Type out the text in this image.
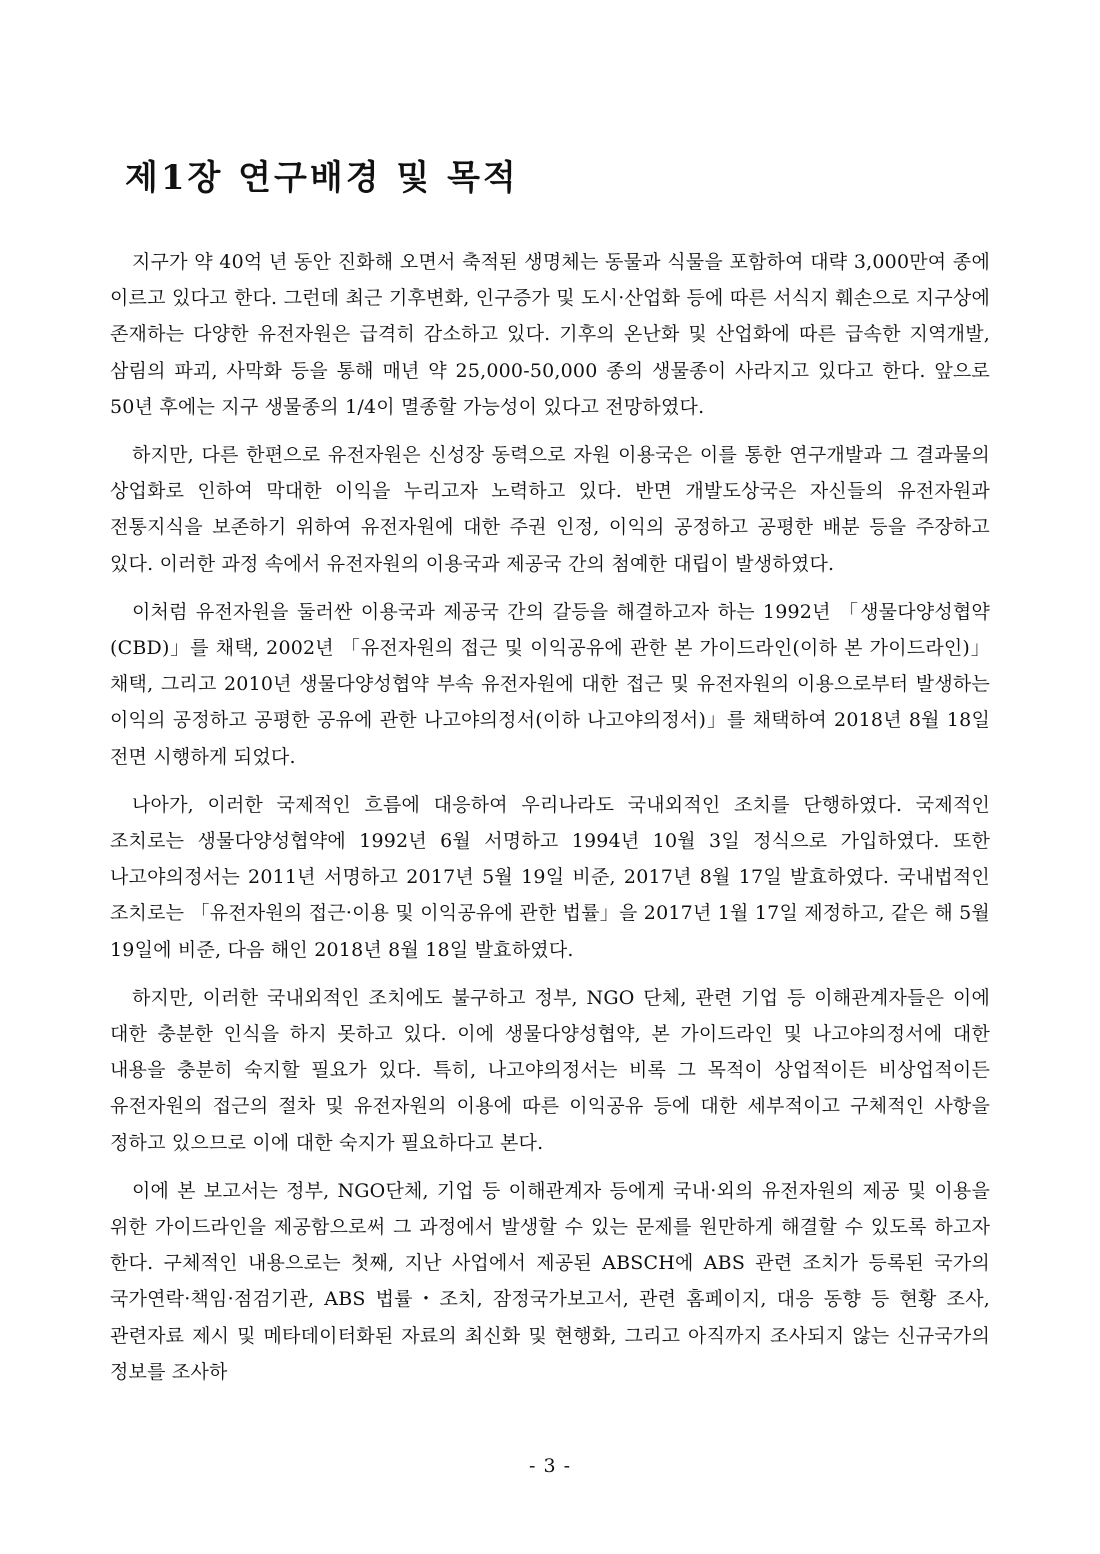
제1장 연구배경 및 목적

지구가 약 40억 년 동안 진화해 오면서 축적된 생명체는 동물과 식물을 포함하여 대략 3,000만여 종에 이르고 있다고 한다. 그런데 최근 기후변화, 인구증가 및 도시·산업화 등에 따른 서식지 훼손으로 지구상에 존재하는 다양한 유전자원은 급격히 감소하고 있다. 기후의 온난화 및 산업화에 따른 급속한 지역개발, 삼림의 파괴, 사막화 등을 통해 매년 약 25,000-50,000 종의 생물종이 사라지고 있다고 한다. 앞으로 50년 후에는 지구 생물종의 1/4이 멸종할 가능성이 있다고 전망하였다.

하지만, 다른 한편으로 유전자원은 신성장 동력으로 자원 이용국은 이를 통한 연구개발과 그 결과물의 상업화로 인하여 막대한 이익을 누리고자 노력하고 있다. 반면 개발도상국은 자신들의 유전자원과 전통지식을 보존하기 위하여 유전자원에 대한 주권 인정, 이익의 공정하고 공평한 배분 등을 주장하고 있다. 이러한 과정 속에서 유전자원의 이용국과 제공국 간의 첨예한 대립이 발생하였다.

이처럼 유전자원을 둘러싼 이용국과 제공국 간의 갈등을 해결하고자 하는 1992년 「생물다양성협약(CBD)」를 채택, 2002년 「유전자원의 접근 및 이익공유에 관한 본 가이드라인(이하 본 가이드라인)」 채택, 그리고 2010년 생물다양성협약 부속 유전자원에 대한 접근 및 유전자원의 이용으로부터 발생하는 이익의 공정하고 공평한 공유에 관한 나고야의정서(이하 나고야의정서)」를 채택하여 2018년 8월 18일 전면 시행하게 되었다.

나아가, 이러한 국제적인 흐름에 대응하여 우리나라도 국내외적인 조치를 단행하였다. 국제적인 조치로는 생물다양성협약에 1992년 6월 서명하고 1994년 10월 3일 정식으로 가입하였다. 또한 나고야의정서는 2011년 서명하고 2017년 5월 19일 비준, 2017년 8월 17일 발효하였다. 국내법적인 조치로는 「유전자원의 접근·이용 및 이익공유에 관한 법률」을 2017년 1월 17일 제정하고, 같은 해 5월 19일에 비준, 다음 해인 2018년 8월 18일 발효하였다.

하지만, 이러한 국내외적인 조치에도 불구하고 정부, NGO 단체, 관련 기업 등 이해관계자들은 이에 대한 충분한 인식을 하지 못하고 있다. 이에 생물다양성협약, 본 가이드라인 및 나고야의정서에 대한 내용을 충분히 숙지할 필요가 있다. 특히, 나고야의정서는 비록 그 목적이 상업적이든 비상업적이든 유전자원의 접근의 절차 및 유전자원의 이용에 따른 이익공유 등에 대한 세부적이고 구체적인 사항을 정하고 있으므로 이에 대한 숙지가 필요하다고 본다.

이에 본 보고서는 정부, NGO단체, 기업 등 이해관계자 등에게 국내·외의 유전자원의 제공 및 이용을 위한 가이드라인을 제공함으로써 그 과정에서 발생할 수 있는 문제를 원만하게 해결할 수 있도록 하고자 한다. 구체적인 내용으로는 첫째, 지난 사업에서 제공된 ABSCH에 ABS 관련 조치가 등록된 국가의 국가연락·책임·점검기관, ABS 법률・조치, 잠정국가보고서, 관련 홈페이지, 대응 동향 등 현황 조사, 관련자료 제시 및 메타데이터화된 자료의 최신화 및 현행화, 그리고 아직까지 조사되지 않는 신규국가의 정보를 조사하

- 3 -
